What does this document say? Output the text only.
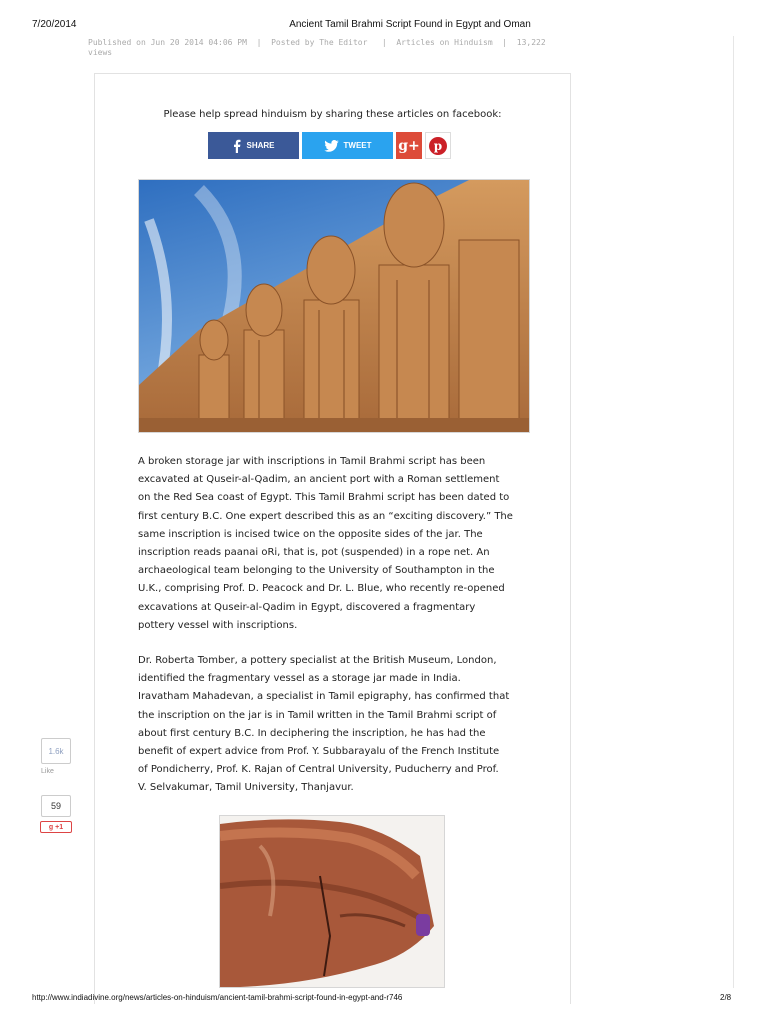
7/20/2014	Ancient Tamil Brahmi Script Found in Egypt and Oman
Published on Jun 20 2014 04:06 PM | Posted by The Editor | Articles on Hinduism | 13,222
views
Please help spread hinduism by sharing these articles on facebook:
SHARE	TWEET g+ p
A broken storage jar with inscriptions in Tamil Brahmi script has been
excavated at Quseir-al-Qadim, an ancient port with a Roman settlement
on the Red Sea coast of Egypt. This Tamil Brahmi script has been dated to
first century B.C. One expert described this as an “exciting discovery.” The
same inscription is incised twice on the opposite sides of the jar. The
inscription reads paanai oRi, that is, pot (suspended) in a rope net. An
archaeological team belonging to the University of Southampton in the
U.K., comprising Prof. D. Peacock and Dr. L. Blue, who recently re-opened
excavations at Quseir-al-Qadim in Egypt, discovered a fragmentary
pottery vessel with inscriptions.
Dr. Roberta Tomber, a pottery specialist at the British Museum, London,
identified the fragmentary vessel as a storage jar made in India.
Iravatham Mahadevan, a specialist in Tamil epigraphy, has confirmed that
the inscription on the jar is in Tamil written in the Tamil Brahmi script of
about first century B.C. In deciphering the inscription, he has had the
benefit of expert advice from Prof. Y. Subbarayalu of the French Institute
of Pondicherry, Prof. K. Rajan of Central University, Puducherry and Prof.
V. Selvakumar, Tamil University, Thanjavur.
1.6k
Like
59
g
+1
http://www.indiadivine.org/news/articles-on-hinduism/ancient-tamil-brahmi-script-found-in-egypt-and-r746	2/8
